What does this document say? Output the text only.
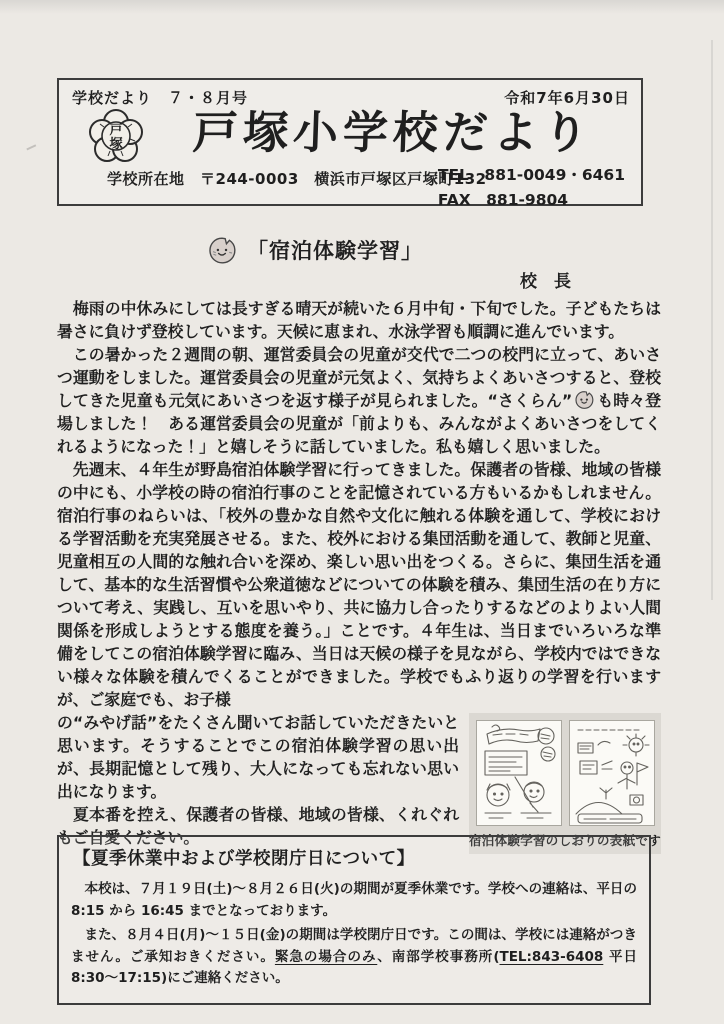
学校だより　７・８月号	令和7年6月30日
戸
塚 戸塚小学校だより
学校所在地　〒244-0003　横浜市戸塚区戸塚町132
TEL　881-0049・6461
FAX　881-9804
「宿泊体験学習」
校　長

　梅雨の中休みにしては長すぎる晴天が続いた６月中旬・下旬でした。子どもたちは暑さに負けず登校しています。天候に恵まれ、水泳学習も順調に進んでいます。

　この暑かった２週間の朝、運営委員会の児童が交代で二つの校門に立って、あいさつ運動をしました。運営委員会の児童が元気よく、気持ちよくあいさつすると、登校してきた児童も元気にあいさつを返す様子が見られました。“さくらん” も時々登場しました！　ある運営委員会の児童が「前よりも、みんながよくあいさつをしてくれるようになった！」と嬉しそうに話していました。私も嬉しく思いました。

　先週末、４年生が野島宿泊体験学習に行ってきました。保護者の皆様、地域の皆様の中にも、小学校の時の宿泊行事のことを記憶されている方もいるかもしれません。宿泊行事のねらいは、「校外の豊かな自然や文化に触れる体験を通して、学校における学習活動を充実発展させる。また、校外における集団活動を通して、教師と児童、児童相互の人間的な触れ合いを深め、楽しい思い出をつくる。さらに、集団生活を通して、基本的な生活習慣や公衆道徳などについての体験を積み、集団生活の在り方について考え、実践し、互いを思いやり、共に協力し合ったりするなどのよりよい人間関係を形成しようとする態度を養う。」ことです。４年生は、当日までいろいろな準備をしてこの宿泊体験学習に臨み、当日は天候の様子を見ながら、学校内ではできない様々な体験を積んでくることができました。学校でもふり返りの学習を行いますが、ご家庭でも、お子様

宿泊体験学習のしおりの表紙です

の“みやげ話”をたくさん聞いてお話していただきたいと思います。そうすることでこの宿泊体験学習の思い出が、長期記憶として残り、大人になっても忘れない思い出になります。

　夏本番を控え、保護者の皆様、地域の皆様、くれぐれもご自愛ください。

【夏季休業中および学校閉庁日について】

　本校は、７月１９日(土)～８月２６日(火)の期間が夏季休業です。学校への連絡は、平日の 8:15 から 16:45 までとなっております。

　また、８月４日(月)～１５日(金)の期間は学校閉庁日です。この間は、学校には連絡がつきません。ご承知おきください。緊急の場合のみ、南部学校事務所(TEL:843-6408 平日 8:30～17:15)にご連絡ください。
